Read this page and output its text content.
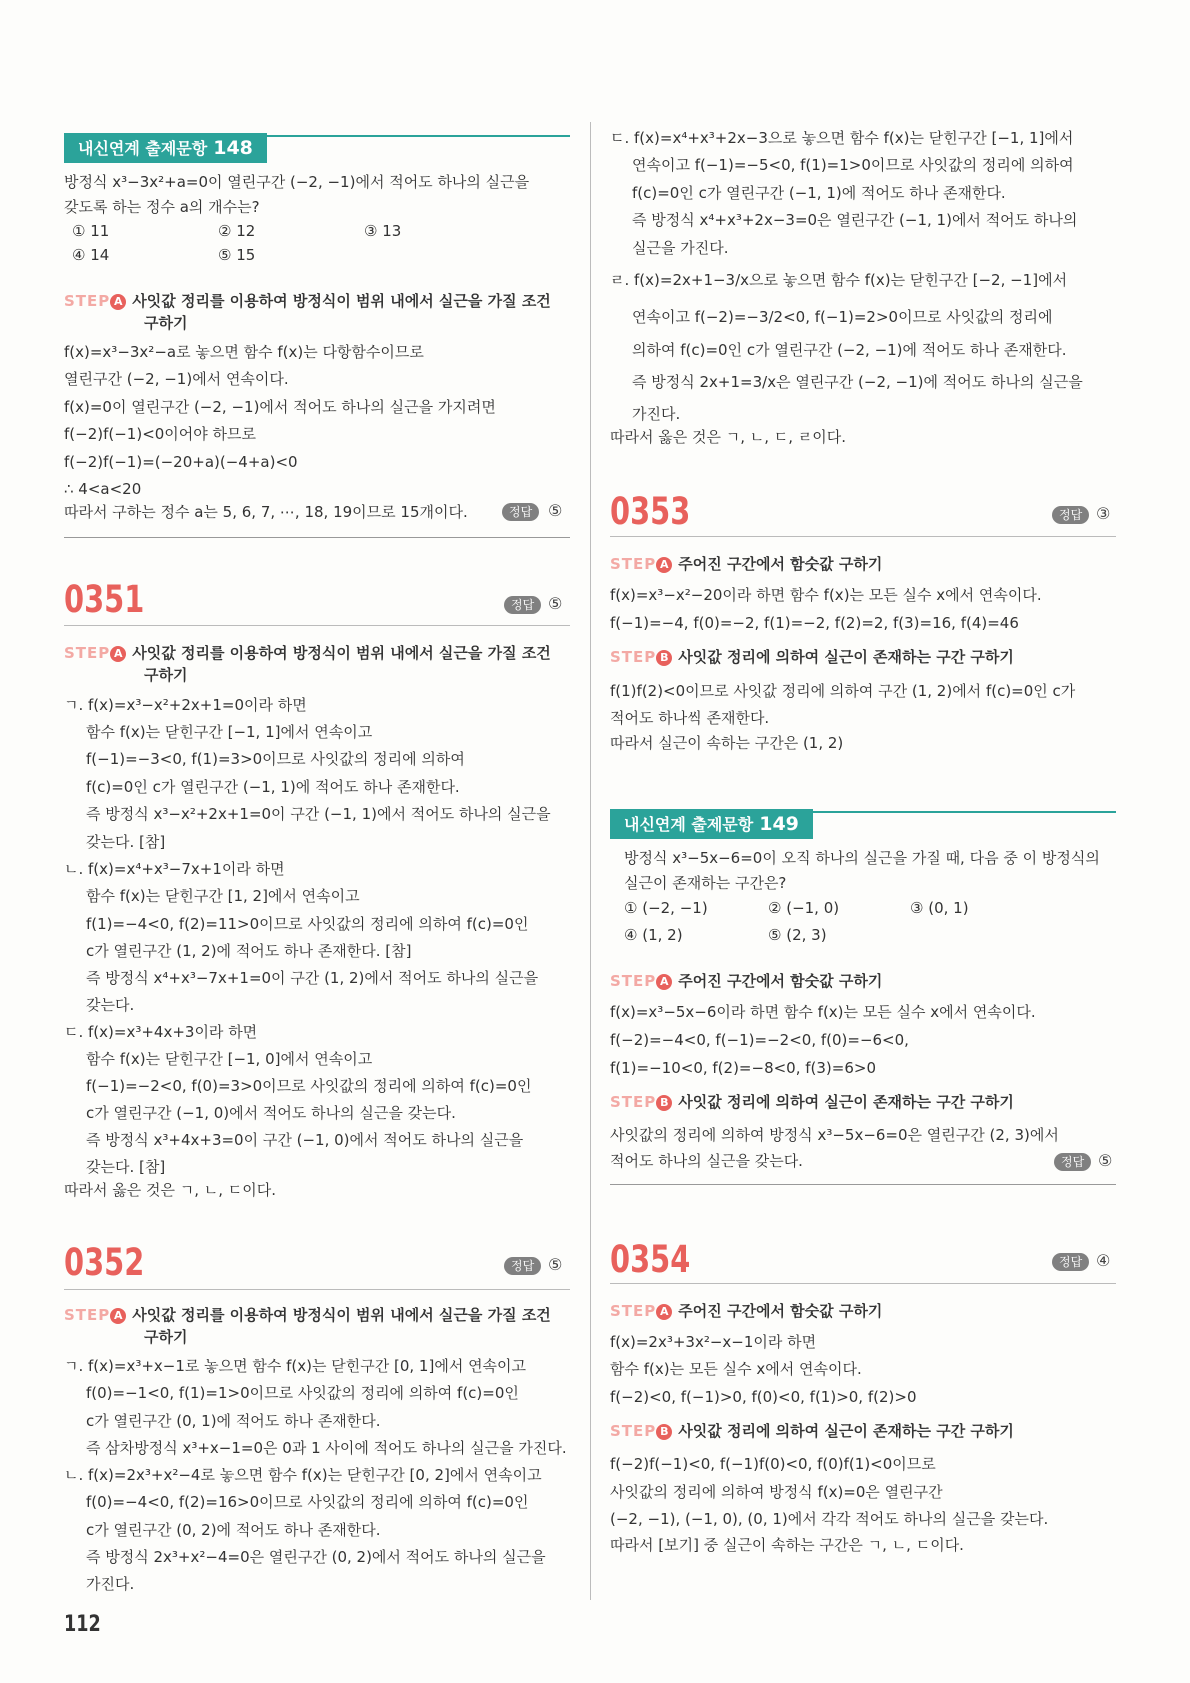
내신연계 출제문항 148
방정식 x³−3x²+a=0이 열린구간 (−2, −1)에서 적어도 하나의 실근을
갖도록 하는 정수 a의 개수는?
① 11	② 12	③ 13
④ 14	⑤ 15
STEP A 사잇값 정리를 이용하여 방정식이 범위 내에서 실근을 가질 조건
구하기
f(x)=x³−3x²−a로 놓으면 함수 f(x)는 다항함수이므로
열린구간 (−2, −1)에서 연속이다.
f(x)=0이 열린구간 (−2, −1)에서 적어도 하나의 실근을 가지려면
f(−2)f(−1)<0이어야 하므로
f(−2)f(−1)=(−20+a)(−4+a)<0
∴ 4<a<20
따라서 구하는 정수 a는 5, 6, 7, ⋯, 18, 19이므로 15개이다.	정답 ⑤
0351	정답 ⑤
STEP A 사잇값 정리를 이용하여 방정식이 범위 내에서 실근을 가질 조건
구하기
ㄱ. f(x)=x³−x²+2x+1=0이라 하면
함수 f(x)는 닫힌구간 [−1, 1]에서 연속이고
f(−1)=−3<0, f(1)=3>0이므로 사잇값의 정리에 의하여
f(c)=0인 c가 열린구간 (−1, 1)에 적어도 하나 존재한다.
즉 방정식 x³−x²+2x+1=0이 구간 (−1, 1)에서 적어도 하나의 실근을
갖는다. [참]
ㄴ. f(x)=x⁴+x³−7x+1이라 하면
함수 f(x)는 닫힌구간 [1, 2]에서 연속이고
f(1)=−4<0, f(2)=11>0이므로 사잇값의 정리에 의하여 f(c)=0인
c가 열린구간 (1, 2)에 적어도 하나 존재한다. [참]
즉 방정식 x⁴+x³−7x+1=0이 구간 (1, 2)에서 적어도 하나의 실근을
갖는다.
ㄷ. f(x)=x³+4x+3이라 하면
함수 f(x)는 닫힌구간 [−1, 0]에서 연속이고
f(−1)=−2<0, f(0)=3>0이므로 사잇값의 정리에 의하여 f(c)=0인
c가 열린구간 (−1, 0)에서 적어도 하나의 실근을 갖는다.
즉 방정식 x³+4x+3=0이 구간 (−1, 0)에서 적어도 하나의 실근을
갖는다. [참]
따라서 옳은 것은 ㄱ, ㄴ, ㄷ이다.
0352	정답 ⑤
STEP A 사잇값 정리를 이용하여 방정식이 범위 내에서 실근을 가질 조건
구하기
ㄱ. f(x)=x³+x−1로 놓으면 함수 f(x)는 닫힌구간 [0, 1]에서 연속이고
f(0)=−1<0, f(1)=1>0이므로 사잇값의 정리에 의하여 f(c)=0인
c가 열린구간 (0, 1)에 적어도 하나 존재한다.
즉 삼차방정식 x³+x−1=0은 0과 1 사이에 적어도 하나의 실근을 가진다.
ㄴ. f(x)=2x³+x²−4로 놓으면 함수 f(x)는 닫힌구간 [0, 2]에서 연속이고
f(0)=−4<0, f(2)=16>0이므로 사잇값의 정리에 의하여 f(c)=0인
c가 열린구간 (0, 2)에 적어도 하나 존재한다.
즉 방정식 2x³+x²−4=0은 열린구간 (0, 2)에서 적어도 하나의 실근을
가진다.
ㄷ. f(x)=x⁴+x³+2x−3으로 놓으면 함수 f(x)는 닫힌구간 [−1, 1]에서
연속이고 f(−1)=−5<0, f(1)=1>0이므로 사잇값의 정리에 의하여
f(c)=0인 c가 열린구간 (−1, 1)에 적어도 하나 존재한다.
즉 방정식 x⁴+x³+2x−3=0은 열린구간 (−1, 1)에서 적어도 하나의
실근을 가진다.
ㄹ. f(x)=2x+1−3/x으로 놓으면 함수 f(x)는 닫힌구간 [−2, −1]에서
연속이고 f(−2)=−3/2<0, f(−1)=2>0이므로 사잇값의 정리에
의하여 f(c)=0인 c가 열린구간 (−2, −1)에 적어도 하나 존재한다.
즉 방정식 2x+1=3/x은 열린구간 (−2, −1)에 적어도 하나의 실근을
가진다.
따라서 옳은 것은 ㄱ, ㄴ, ㄷ, ㄹ이다.
0353	정답 ③
STEP A 주어진 구간에서 함숫값 구하기
f(x)=x³−x²−20이라 하면 함수 f(x)는 모든 실수 x에서 연속이다.
f(−1)=−4, f(0)=−2, f(1)=−2, f(2)=2, f(3)=16, f(4)=46
STEP B 사잇값 정리에 의하여 실근이 존재하는 구간 구하기
f(1)f(2)<0이므로 사잇값 정리에 의하여 구간 (1, 2)에서 f(c)=0인 c가
적어도 하나씩 존재한다.
따라서 실근이 속하는 구간은 (1, 2)
내신연계 출제문항 149
방정식 x³−5x−6=0이 오직 하나의 실근을 가질 때, 다음 중 이 방정식의
실근이 존재하는 구간은?
① (−2, −1)	② (−1, 0)	③ (0, 1)
④ (1, 2)	⑤ (2, 3)
STEP A 주어진 구간에서 함숫값 구하기
f(x)=x³−5x−6이라 하면 함수 f(x)는 모든 실수 x에서 연속이다.
f(−2)=−4<0, f(−1)=−2<0, f(0)=−6<0,
f(1)=−10<0, f(2)=−8<0, f(3)=6>0
STEP B 사잇값 정리에 의하여 실근이 존재하는 구간 구하기
사잇값의 정리에 의하여 방정식 x³−5x−6=0은 열린구간 (2, 3)에서
적어도 하나의 실근을 갖는다.	정답 ⑤
0354	정답 ④
STEP A 주어진 구간에서 함숫값 구하기
f(x)=2x³+3x²−x−1이라 하면
함수 f(x)는 모든 실수 x에서 연속이다.
f(−2)<0, f(−1)>0, f(0)<0, f(1)>0, f(2)>0
STEP B 사잇값 정리에 의하여 실근이 존재하는 구간 구하기
f(−2)f(−1)<0, f(−1)f(0)<0, f(0)f(1)<0이므로
사잇값의 정리에 의하여 방정식 f(x)=0은 열린구간
(−2, −1), (−1, 0), (0, 1)에서 각각 적어도 하나의 실근을 갖는다.
따라서 [보기] 중 실근이 속하는 구간은 ㄱ, ㄴ, ㄷ이다.
112
